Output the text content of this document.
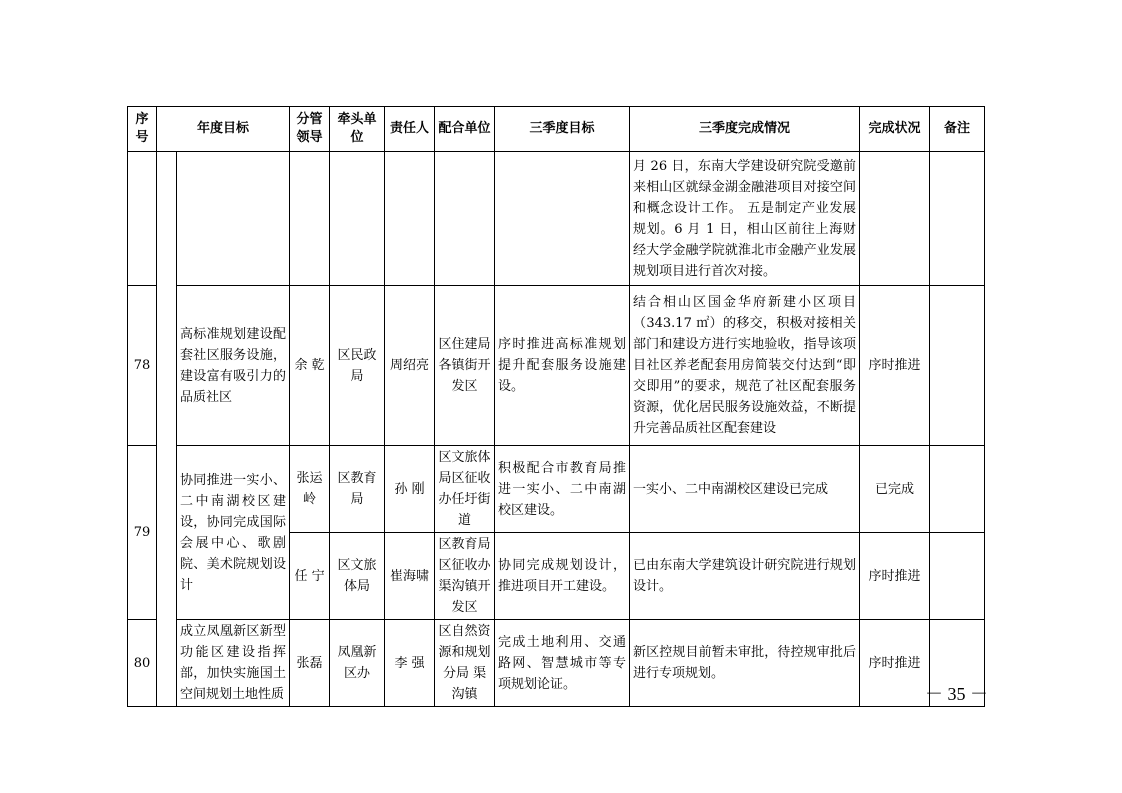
序号	年度目标		分管领导	牵头单位	责任人	配合单位	三季度目标	三季度完成情况	完成状况	备注
								月 26 日，东南大学建设研究院受邀前来相山区就绿金湖金融港项目对接空间和概念设计工作。 五是制定产业发展规划。6 月 1 日，相山区前往上海财经大学金融学院就淮北市金融产业发展规划项目进行首次对接。		
78		高标准规划建设配套社区服务设施，建设富有吸引力的品质社区	余 乾	区民政局	周绍亮	区住建局各镇街开发区	序时推进高标准规划提升配套服务设施建设。	结合相山区国金华府新建小区项目（343.17 ㎡）的移交，积极对接相关部门和建设方进行实地验收，指导该项目社区养老配套用房简装交付达到“即交即用”的要求，规范了社区配套服务资源，优化居民服务设施效益，不断提升完善品质社区配套建设	序时推进	
79		协同推进一实小、二中南湖校区建设，协同完成国际会展中心、歌剧院、美术院规划设计	张运岭	区教育局	孙 刚	区文旅体局区征收办任圩街道	积极配合市教育局推进一实小、二中南湖校区建设。	一实小、二中南湖校区建设已完成	已完成	
			任 宁	区文旅体局	崔海啸	区教育局区征收办渠沟镇开发区	协同完成规划设计，推进项目开工建设。	已由东南大学建筑设计研究院进行规划设计。	序时推进	
80		成立凤凰新区新型功能区建设指挥部，加快实施国土空间规划土地性质	张磊	凤凰新区办	李 强	区自然资源和规划分局 渠沟镇	完成土地利用、交通路网、智慧城市等专项规划论证。	新区控规目前暂未审批，待控规审批后进行专项规划。	序时推进	
－ 35 －
